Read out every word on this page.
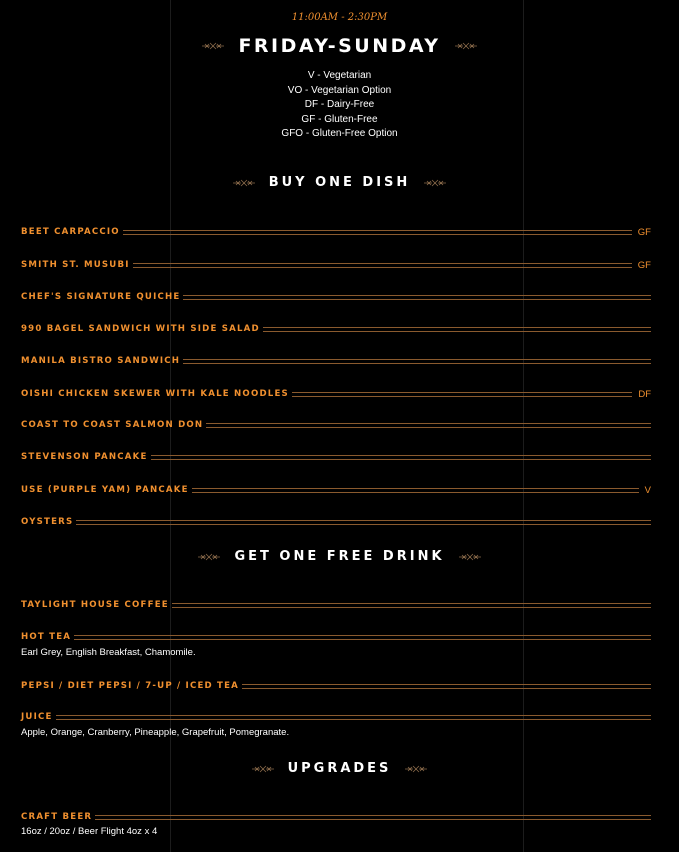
11:00AM - 2:30PM
FRIDAY-SUNDAY
V - Vegetarian
VO - Vegetarian Option
DF - Dairy-Free
GF - Gluten-Free
GFO - Gluten-Free Option
BUY ONE DISH
BEET CARPACCIO	GF
SMITH ST. MUSUBI	GF
CHEF'S SIGNATURE QUICHE
990 BAGEL SANDWICH WITH SIDE SALAD
MANILA BISTRO SANDWICH
OISHI CHICKEN SKEWER WITH KALE NOODLES	DF
COAST TO COAST SALMON DON
STEVENSON PANCAKE
USE (PURPLE YAM) PANCAKE	V
OYSTERS
GET ONE FREE DRINK
TAYLIGHT HOUSE COFFEE
HOT TEA
Earl Grey, English Breakfast, Chamomile.
PEPSI / DIET PEPSI / 7-UP / ICED TEA
JUICE
Apple, Orange, Cranberry, Pineapple, Grapefruit, Pomegranate.
UPGRADES
CRAFT BEER
16oz / 20oz / Beer Flight 4oz x 4
